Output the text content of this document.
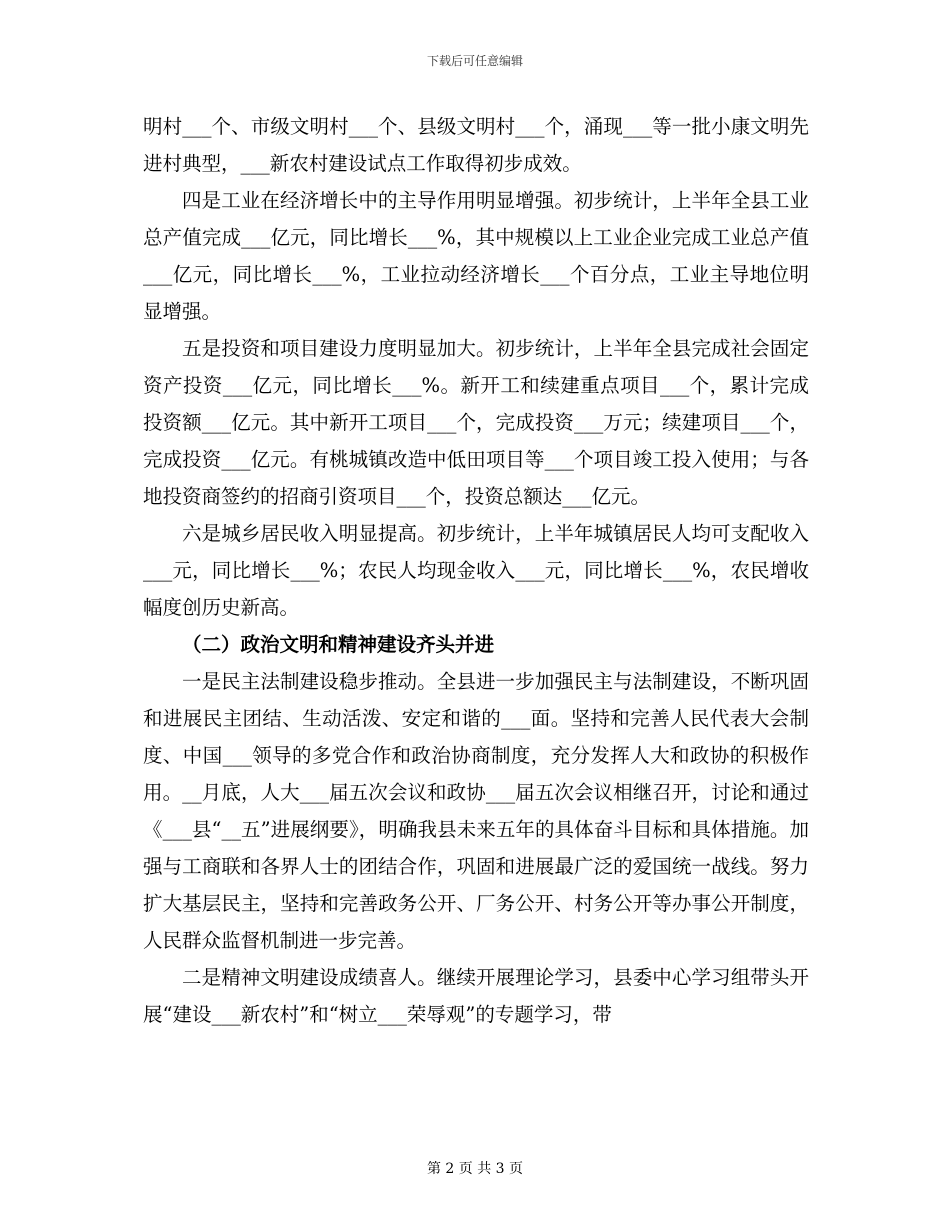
下载后可任意编辑

明村___个、市级文明村___个、县级文明村___个，涌现___等一批小康文明先进村典型，___新农村建设试点工作取得初步成效。

四是工业在经济增长中的主导作用明显增强。初步统计，上半年全县工业总产值完成___亿元，同比增长___%，其中规模以上工业企业完成工业总产值___亿元，同比增长___%，工业拉动经济增长___个百分点，工业主导地位明显增强。

五是投资和项目建设力度明显加大。初步统计，上半年全县完成社会固定资产投资___亿元，同比增长___%。新开工和续建重点项目___个，累计完成投资额___亿元。其中新开工项目___个，完成投资___万元；续建项目___个，完成投资___亿元。有桃城镇改造中低田项目等___个项目竣工投入使用；与各地投资商签约的招商引资项目___个，投资总额达___亿元。

六是城乡居民收入明显提高。初步统计，上半年城镇居民人均可支配收入___元，同比增长___%；农民人均现金收入___元，同比增长___%，农民增收幅度创历史新高。

（二）政治文明和精神建设齐头并进

一是民主法制建设稳步推动。全县进一步加强民主与法制建设，不断巩固和进展民主团结、生动活泼、安定和谐的___面。坚持和完善人民代表大会制度、中国___领导的多党合作和政治协商制度，充分发挥人大和政协的积极作用。__月底，人大___届五次会议和政协___届五次会议相继召开，讨论和通过《___县“__五”进展纲要》，明确我县未来五年的具体奋斗目标和具体措施。加强与工商联和各界人士的团结合作，巩固和进展最广泛的爱国统一战线。努力扩大基层民主，坚持和完善政务公开、厂务公开、村务公开等办事公开制度，人民群众监督机制进一步完善。

二是精神文明建设成绩喜人。继续开展理论学习，县委中心学习组带头开展“建设___新农村”和“树立___荣辱观”的专题学习，带

第 2 页 共 3 页
